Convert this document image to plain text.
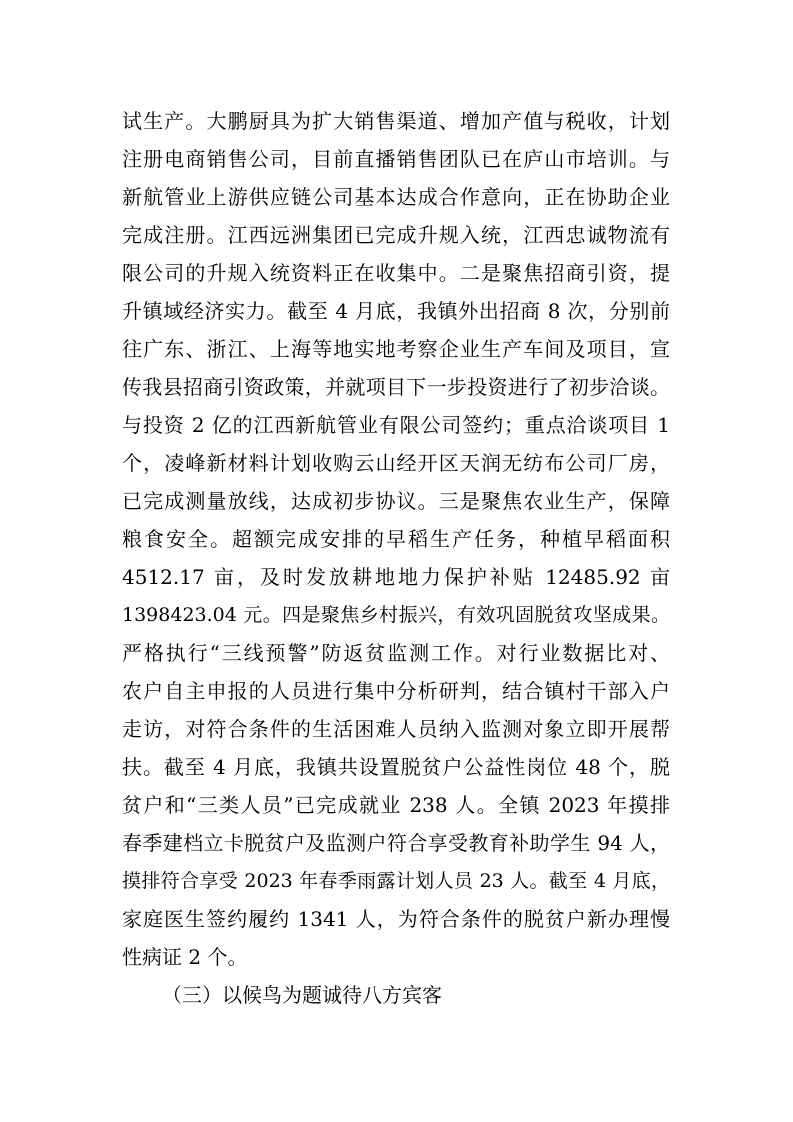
试生产。大鹏厨具为扩大销售渠道、增加产值与税收，计划
注册电商销售公司，目前直播销售团队已在庐山市培训。与
新航管业上游供应链公司基本达成合作意向，正在协助企业
完成注册。江西远洲集团已完成升规入统，江西忠诚物流有
限公司的升规入统资料正在收集中。二是聚焦招商引资，提
升镇域经济实力。截至 4 月底，我镇外出招商 8 次，分别前
往广东、浙江、上海等地实地考察企业生产车间及项目，宣
传我县招商引资政策，并就项目下一步投资进行了初步洽谈。
与投资 2 亿的江西新航管业有限公司签约；重点洽谈项目 1
个，凌峰新材料计划收购云山经开区天润无纺布公司厂房，
已完成测量放线，达成初步协议。三是聚焦农业生产，保障
粮食安全。超额完成安排的早稻生产任务，种植早稻面积
4512.17 亩，及时发放耕地地力保护补贴 12485.92 亩
1398423.04 元。四是聚焦乡村振兴，有效巩固脱贫攻坚成果。
严格执行“三线预警”防返贫监测工作。对行业数据比对、
农户自主申报的人员进行集中分析研判，结合镇村干部入户
走访，对符合条件的生活困难人员纳入监测对象立即开展帮
扶。截至 4 月底，我镇共设置脱贫户公益性岗位 48 个，脱
贫户和“三类人员”已完成就业 238 人。全镇 2023 年摸排
春季建档立卡脱贫户及监测户符合享受教育补助学生 94 人，
摸排符合享受 2023 年春季雨露计划人员 23 人。截至 4 月底，
家庭医生签约履约 1341 人，为符合条件的脱贫户新办理慢
性病证 2 个。
（三）以候鸟为题诚待八方宾客
